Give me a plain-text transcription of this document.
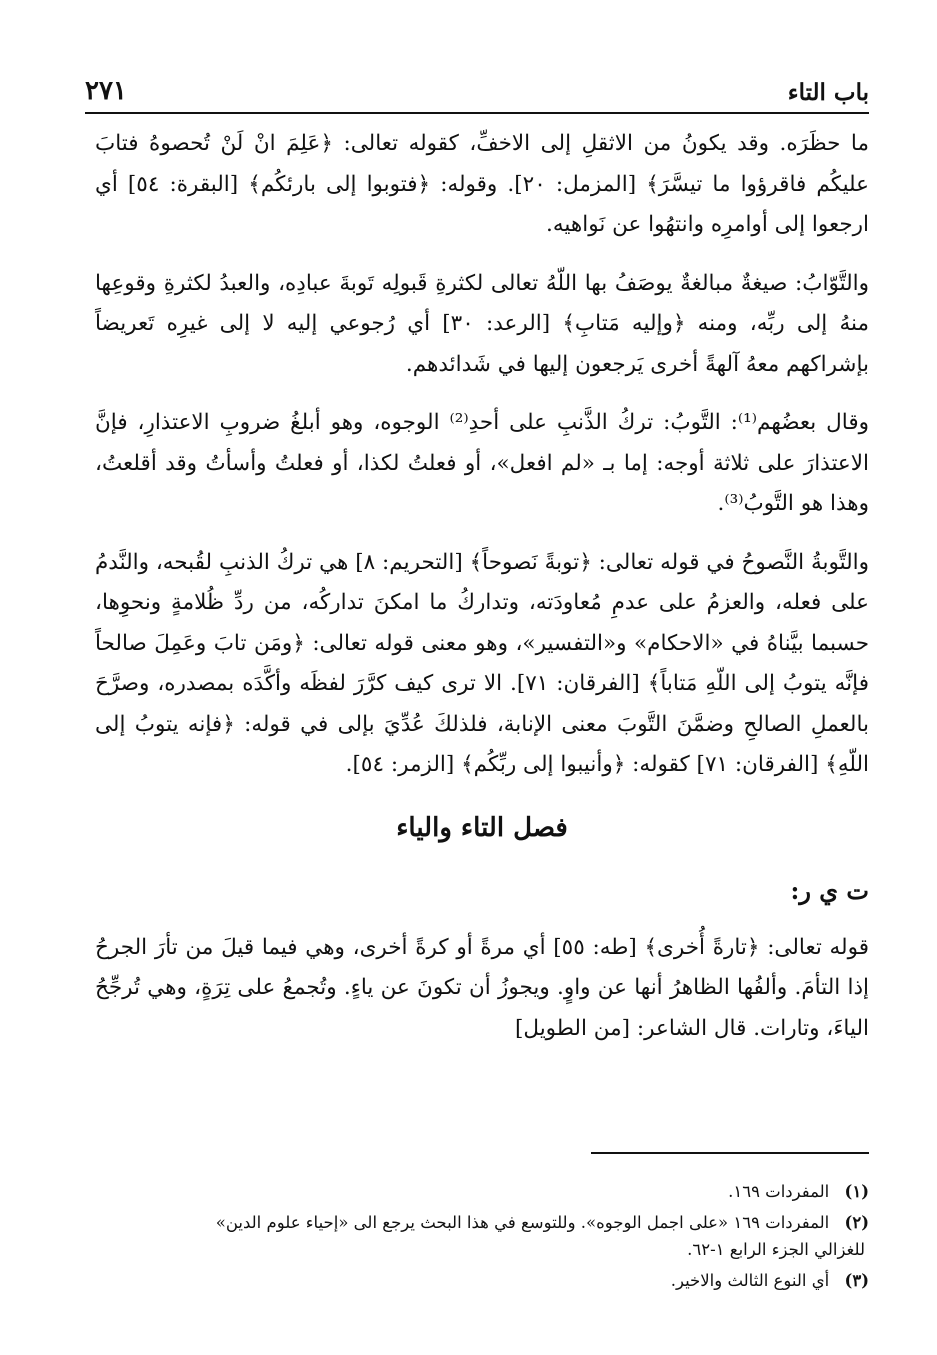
باب التاء
٢٧١

ما حظَرَه. وقد يكونُ من الاثقلِ إلى الاخفِّ، كقوله تعالى: ﴿عَلِمَ انْ لَنْ تُحصوهُ فتابَ عليكُم فاقرؤوا ما تيسَّرَ﴾ [المزمل: ٢٠]. وقوله: ﴿فتوبوا إلى بارئكُم﴾ [البقرة: ٥٤] أي ارجعوا إلى أوامرِه وانتهُوا عن نَواهيه.

والتَّوّابُ: صيغةٌ مبالغةٌ يوصَفُ بها اللّهُ تعالى لكثرةِ قَبولِه تَوبةَ عبادِه، والعبدُ لكثرةِ وقوعِها منهُ إلى ربِّه، ومنه ﴿وإليه مَتابِ﴾ [الرعد: ٣٠] أي رُجوعي إليه لا إلى غيرِه تَعريضاً بإشراكهم معهُ آلهةً أخرى يَرجعون إليها في شَدائدهم.

وقال بعضُهم⁽¹⁾: التَّوبُ: تركُ الذَّنبِ على أحدِ⁽²⁾ الوجوه، وهو أبلغُ ضروبِ الاعتذارِ، فإنَّ الاعتذارَ على ثلاثة أوجه: إما بـ «لم افعل»، أو فعلتُ لكذا، أو فعلتُ وأسأتُ وقد أقلعتُ، وهذا هو التَّوبُ⁽³⁾.

والتَّوبةُ النَّصوحُ في قوله تعالى: ﴿توبةً نَصوحاً﴾ [التحريم: ٨] هي تركُ الذنبِ لقُبحه، والنَّدمُ على فعله، والعزمُ على عدمِ مُعاودَته، وتداركُ ما امكنَ تداركُه، من ردِّ ظُلامةٍ ونحوِها، حسبما بيَّناهُ في «الاحكام» و«التفسير»، وهو معنى قوله تعالى: ﴿ومَن تابَ وعَمِلَ صالحاً فإنَّه يتوبُ إلى اللّهِ مَتاباً﴾ [الفرقان: ٧١]. الا ترى كيف كرَّرَ لفظَه وأكَّدَه بمصدره، وصرَّحَ بالعملِ الصالحِ وضمَّنَ التَّوبَ معنى الإنابة، فلذلكَ عُدِّيَ بإلى في قوله: ﴿فإنه يتوبُ إلى اللّهِ﴾ [الفرقان: ٧١] كقوله: ﴿وأنيبوا إلى ربِّكُم﴾ [الزمر: ٥٤].

فصل التاء والياء
ت ي ر:

قوله تعالى: ﴿تارةً أُخرى﴾ [طه: ٥٥] أي مرةً أو كرةً أخرى، وهي فيما قيلَ من تأرَ الجرحُ إذا التأمَ. وألفُها الظاهرُ أنها عن واوٍ. ويجوزُ أن تكونَ عن ياءٍ. وتُجمعُ على تِرَةٍ، وهي تُرجِّحُ الياءَ، وتارات. قال الشاعر: [من الطويل]

(١) المفردات ١٦٩.

(٢) المفردات ١٦٩ «على اجمل الوجوه». وللتوسع في هذا البحث يرجع الى «إحياء علوم الدين»
للغزالي الجزء الرابع ١-٦٢.

(٣) أي النوع الثالث والاخير.
